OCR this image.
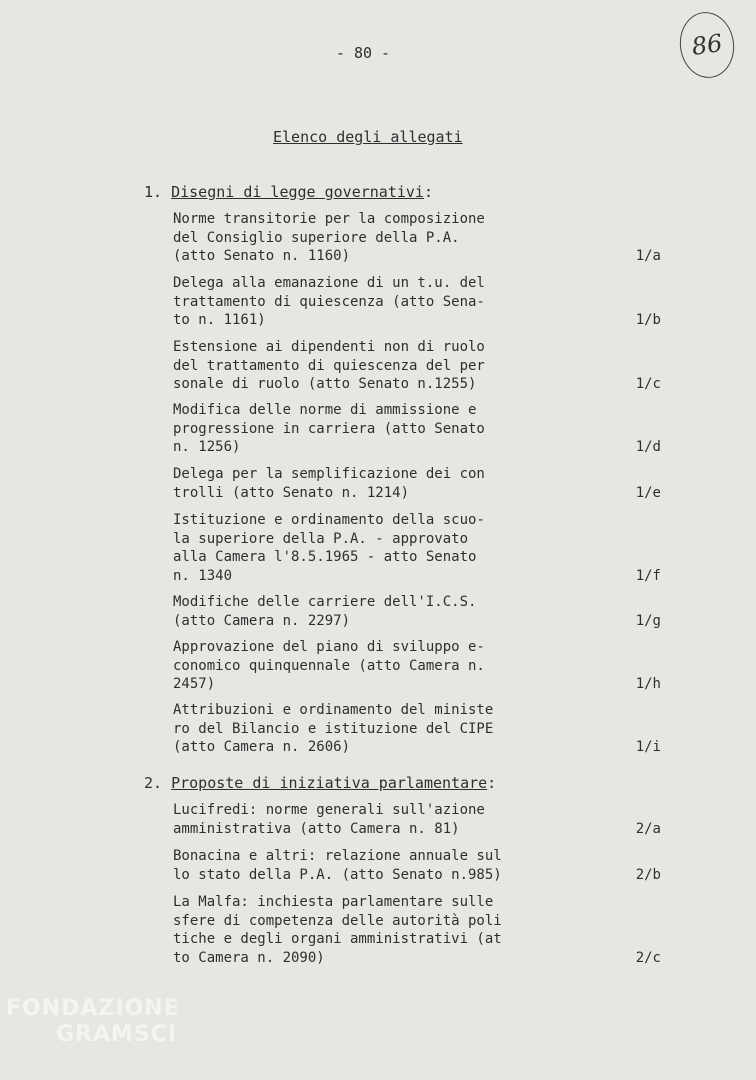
- 80 -	86
Elenco degli allegati
1. Disegni di legge governativi:
Norme transitorie per la composizione
del Consiglio superiore della P.A.
(atto Senato n. 1160)	1/a
Delega alla emanazione di un t.u. del
trattamento di quiescenza (atto Sena-
to n. 1161)	1/b
Estensione ai dipendenti non di ruolo
del trattamento di quiescenza del per
sonale di ruolo (atto Senato n.1255)	1/c
Modifica delle norme di ammissione e
progressione in carriera (atto Senato
n. 1256)	1/d
Delega per la semplificazione dei con
trolli (atto Senato n. 1214)	1/e
Istituzione e ordinamento della scuo-
la superiore della P.A. - approvato
alla Camera l'8.5.1965 - atto Senato
n. 1340	1/f
Modifiche delle carriere dell'I.C.S.
(atto Camera n. 2297)	1/g
Approvazione del piano di sviluppo e-
conomico quinquennale (atto Camera n.
2457)	1/h
Attribuzioni e ordinamento del ministe
ro del Bilancio e istituzione del CIPE
(atto Camera n. 2606)	1/i
2. Proposte di iniziativa parlamentare:
Lucifredi: norme generali sull'azione
amministrativa (atto Camera n. 81)	2/a
Bonacina e altri: relazione annuale sul
lo stato della P.A. (atto Senato n.985)	2/b
La Malfa: inchiesta parlamentare sulle
sfere di competenza delle autorità poli
tiche e degli organi amministrativi (at
to Camera n. 2090)	2/c
FONDAZIONE
GRAMSCI
